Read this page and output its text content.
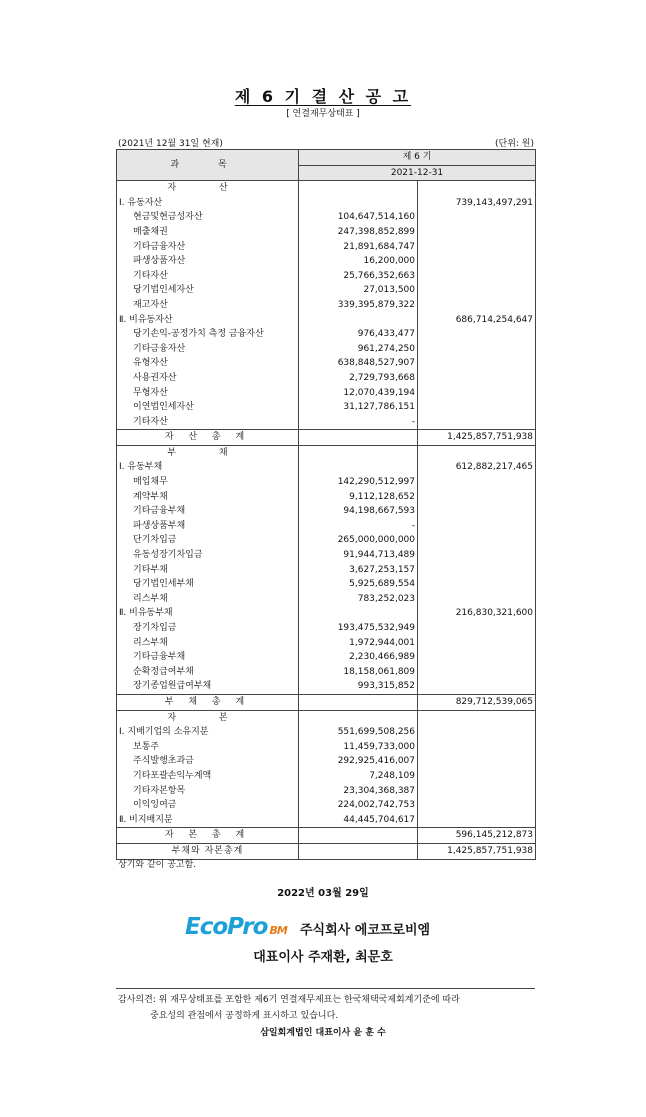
제 6 기 결 산 공 고
[ 연결재무상태표 ]
(2021년 12월 31일 현재)	(단위: 원)
과 목	제 6 기	
	2021-12-31	
자 산		
Ⅰ. 유동자산		739,143,497,291
현금및현금성자산	104,647,514,160	
매출채권	247,398,852,899	
기타금융자산	21,891,684,747	
파생상품자산	16,200,000	
기타자산	25,766,352,663	
당기법인세자산	27,013,500	
재고자산	339,395,879,322	
Ⅱ. 비유동자산		686,714,254,647
당기손익-공정가치 측정 금융자산	976,433,477	
기타금융자산	961,274,250	
유형자산	638,848,527,907	
사용권자산	2,729,793,668	
무형자산	12,070,439,194	
이연법인세자산	31,127,786,151	
기타자산	-	
자 산 총 계		1,425,857,751,938
부 채		
Ⅰ. 유동부채		612,882,217,465
매입채무	142,290,512,997	
계약부채	9,112,128,652	
기타금융부채	94,198,667,593	
파생상품부채	-	
단기차입금	265,000,000,000	
유동성장기차입금	91,944,713,489	
기타부채	3,627,253,157	
당기법인세부채	5,925,689,554	
리스부채	783,252,023	
Ⅱ. 비유동부채		216,830,321,600
장기차입금	193,475,532,949	
리스부채	1,972,944,001	
기타금융부채	2,230,466,989	
순확정급여부채	18,158,061,809	
장기종업원급여부채	993,315,852	
부 채 총 계		829,712,539,065
자 본		
Ⅰ. 지배기업의 소유지분	551,699,508,256	
보통주	11,459,733,000	
주식발행초과금	292,925,416,007	
기타포괄손익누계액	7,248,109	
기타자본항목	23,304,368,387	
이익잉여금	224,002,742,753	
Ⅱ. 비지배지분	44,445,704,617	
자 본 총 계		596,145,212,873
부채와 자본총계		1,425,857,751,938
상기와 같이 공고함.
2022년 03월 29일
EcoPro BM 주식회사 에코프로비엠
대표이사 주재환, 최문호
감사의견: 위 재무상태표를 포함한 제6기 연결재무제표는 한국채택국제회계기준에 따라
중요성의 관점에서 공정하게 표시하고 있습니다.
삼일회계법인 대표이사 윤 훈 수
